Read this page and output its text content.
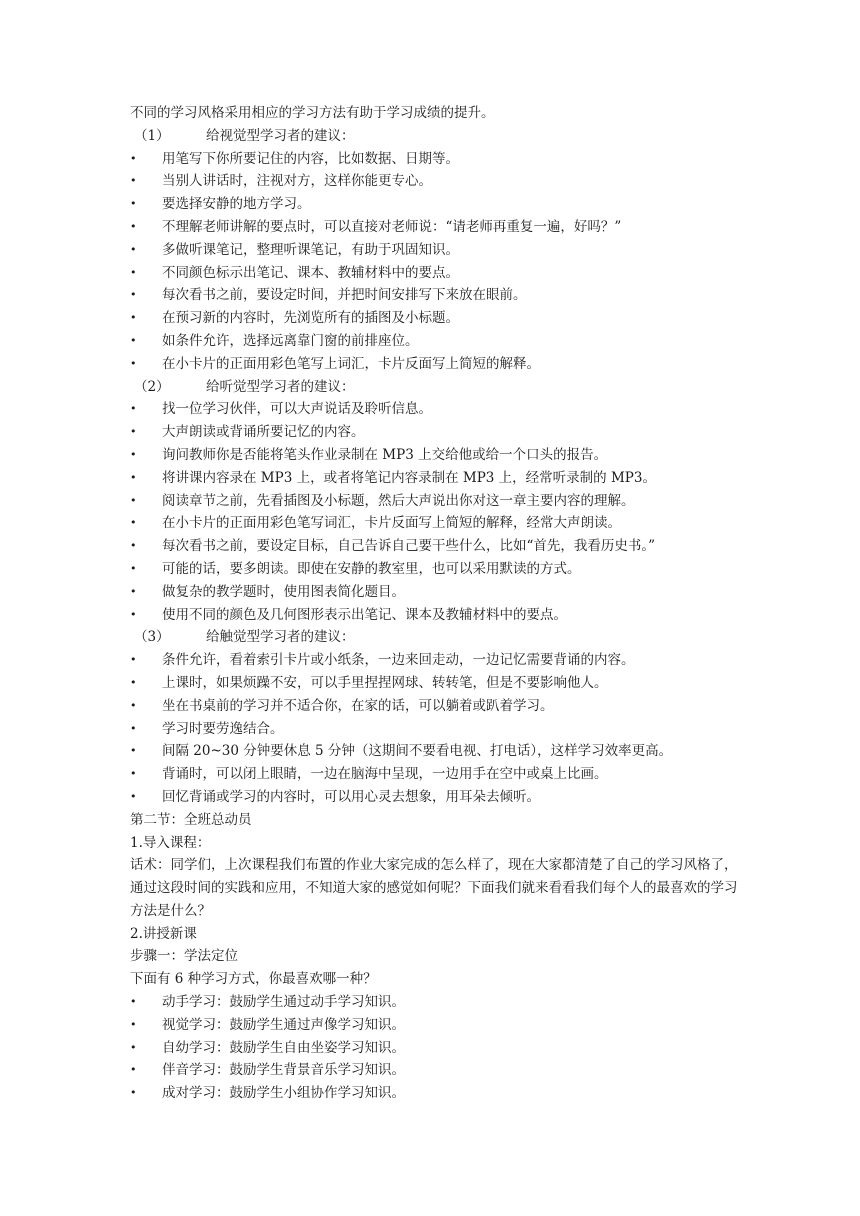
不同的学习风格采用相应的学习方法有助于学习成绩的提升。
（1）	给视觉型学习者的建议：
• 用笔写下你所要记住的内容，比如数据、日期等。
• 当别人讲话时，注视对方，这样你能更专心。
• 要选择安静的地方学习。
• 不理解老师讲解的要点时，可以直接对老师说：“请老师再重复一遍，好吗？”
• 多做听课笔记，整理听课笔记，有助于巩固知识。
• 不同颜色标示出笔记、课本、教辅材料中的要点。
• 每次看书之前，要设定时间，并把时间安排写下来放在眼前。
• 在预习新的内容时，先浏览所有的插图及小标题。
• 如条件允许，选择远离靠门窗的前排座位。
• 在小卡片的正面用彩色笔写上词汇，卡片反面写上简短的解释。
（2）	给听觉型学习者的建议：
• 找一位学习伙伴，可以大声说话及聆听信息。
• 大声朗读或背诵所要记忆的内容。
• 询问教师你是否能将笔头作业录制在 MP3 上交给他或给一个口头的报告。
• 将讲课内容录在 MP3 上，或者将笔记内容录制在 MP3 上，经常听录制的 MP3。
• 阅读章节之前，先看插图及小标题，然后大声说出你对这一章主要内容的理解。
• 在小卡片的正面用彩色笔写词汇，卡片反面写上简短的解释，经常大声朗读。
• 每次看书之前，要设定目标，自己告诉自己要干些什么，比如“首先，我看历史书。”
• 可能的话，要多朗读。即使在安静的教室里，也可以采用默读的方式。
• 做复杂的教学题时，使用图表简化题目。
• 使用不同的颜色及几何图形表示出笔记、课本及教辅材料中的要点。
（3）	给触觉型学习者的建议：
• 条件允许，看着索引卡片或小纸条，一边来回走动，一边记忆需要背诵的内容。
• 上课时，如果烦躁不安，可以手里捏捏网球、转转笔，但是不要影响他人。
• 坐在书桌前的学习并不适合你，在家的话，可以躺着或趴着学习。
• 学习时要劳逸结合。
• 间隔 20~30 分钟要休息 5 分钟（这期间不要看电视、打电话），这样学习效率更高。
• 背诵时，可以闭上眼睛，一边在脑海中呈现，一边用手在空中或桌上比画。
• 回忆背诵或学习的内容时，可以用心灵去想象，用耳朵去倾听。
第二节：全班总动员
1.导入课程：
话术：同学们，上次课程我们布置的作业大家完成的怎么样了，现在大家都清楚了自己的学习风格了，通过这段时间的实践和应用，不知道大家的感觉如何呢？下面我们就来看看我们每个人的最喜欢的学习方法是什么？
2.讲授新课
步骤一：学法定位
下面有 6 种学习方式，你最喜欢哪一种？
• 动手学习：鼓励学生通过动手学习知识。
• 视觉学习：鼓励学生通过声像学习知识。
• 自幼学习：鼓励学生自由坐姿学习知识。
• 伴音学习：鼓励学生背景音乐学习知识。
• 成对学习：鼓励学生小组协作学习知识。
